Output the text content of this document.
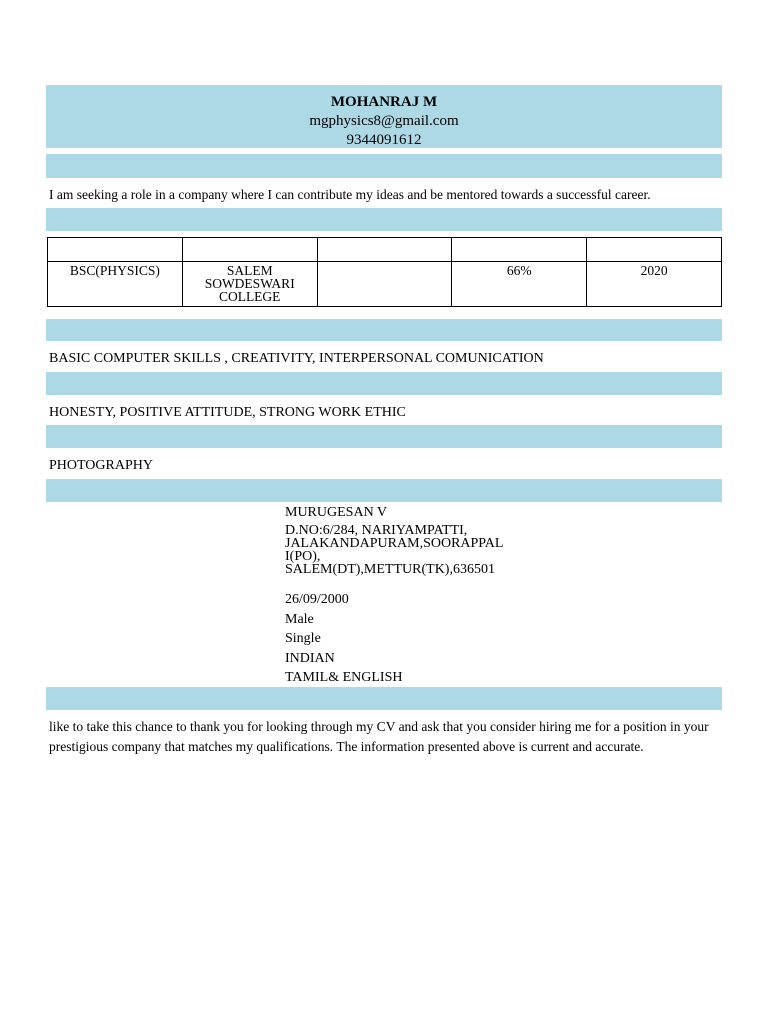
MOHANRAJ M
mgphysics8@gmail.com
9344091612
I am seeking a role in a company where I can contribute my ideas and be mentored towards a successful career.

BSC(PHYSICS)	SALEM SOWDESWARI COLLEGE		66%	2020
BASIC COMPUTER SKILLS , CREATIVITY, INTERPERSONAL COMUNICATION
HONESTY, POSITIVE ATTITUDE, STRONG WORK ETHIC
PHOTOGRAPHY
MURUGESAN V
D.NO:6/284, NARIYAMPATTI,
JALAKANDAPURAM,SOORAPPAL
I(PO),
SALEM(DT),METTUR(TK),636501
26/09/2000
Male
Single
INDIAN
TAMIL& ENGLISH
like to take this chance to thank you for looking through my CV and ask that you consider hiring me for a position in your prestigious company that matches my qualifications. The information presented above is current and accurate.
